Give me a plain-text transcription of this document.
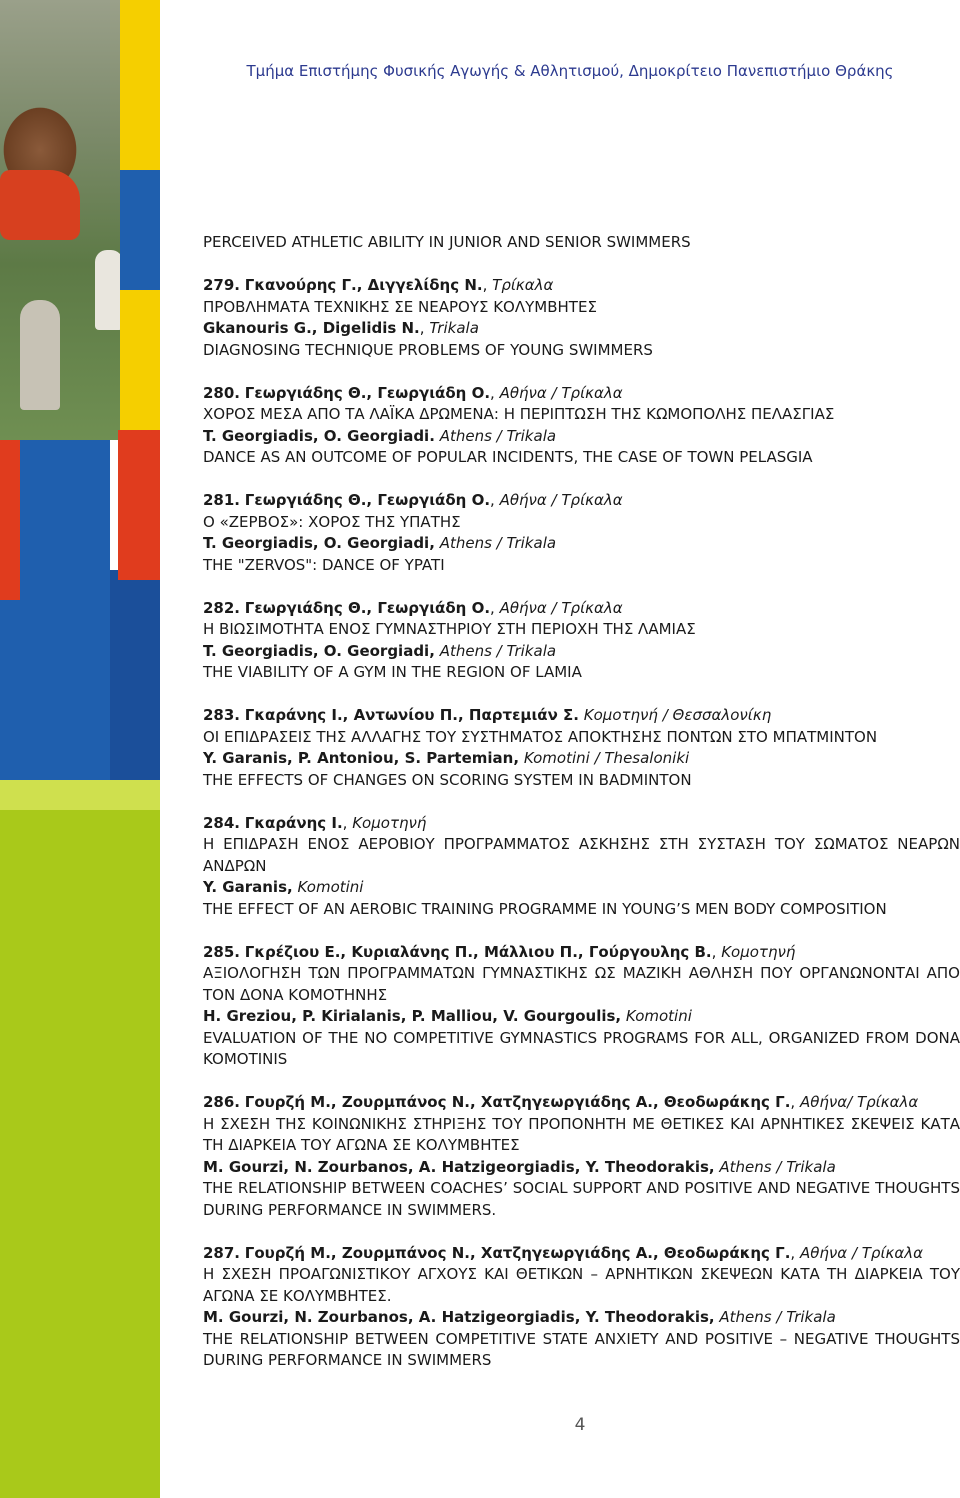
Τμήμα Επιστήμης Φυσικής Αγωγής & Αθλητισμού, Δημοκρίτειο Πανεπιστήμιο Θράκης
PERCEIVED ATHLETIC ABILITY IN JUNIOR AND SENIOR SWIMMERS
279. Γκανούρης Γ., Διγγελίδης Ν., Τρίκαλα
ΠΡΟΒΛΗΜΑΤΑ ΤΕΧΝΙΚΗΣ ΣΕ ΝΕΑΡΟΥΣ ΚΟΛΥΜΒΗΤΕΣ
Gkanouris G., Digelidis N., Trikala
DIAGNOSING TECHNIQUE PROBLEMS OF YOUNG SWIMMERS
280. Γεωργιάδης Θ., Γεωργιάδη Ο., Αθήνα / Τρίκαλα
ΧΟΡΟΣ ΜΕΣΑ ΑΠΟ ΤΑ ΛΑΪΚΑ ΔΡΩΜΕΝΑ: Η ΠΕΡΙΠΤΩΣΗ ΤΗΣ ΚΩΜΟΠΟΛΗΣ ΠΕΛΑΣΓΙΑΣ
T. Georgiadis, O. Georgiadi. Athens / Trikala
DANCE AS AN OUTCOME OF POPULAR INCIDENTS, THE CASE OF TOWN PELASGIA
281. Γεωργιάδης Θ., Γεωργιάδη Ο., Αθήνα / Τρίκαλα
Ο «ΖΕΡΒΟΣ»: ΧΟΡΟΣ ΤΗΣ ΥΠΑΤΗΣ
T. Georgiadis, O. Georgiadi, Athens / Trikala
THE "ZERVOS": DANCE OF YPATI
282. Γεωργιάδης Θ., Γεωργιάδη Ο., Αθήνα / Τρίκαλα
Η ΒΙΩΣΙΜΟΤΗΤΑ ΕΝΟΣ ΓΥΜΝΑΣΤΗΡΙΟΥ ΣΤΗ ΠΕΡΙΟΧΗ ΤΗΣ ΛΑΜΙΑΣ
T. Georgiadis, O. Georgiadi, Athens / Trikala
THE VIABILITY OF A GYM IN THE REGION OF LAMIA
283. Γκαράνης Ι., Αντωνίου Π., Παρτεμιάν Σ. Κομοτηνή / Θεσσαλονίκη
ΟΙ ΕΠΙΔΡΑΣΕΙΣ ΤΗΣ ΑΛΛΑΓΗΣ ΤΟΥ ΣΥΣΤΗΜΑΤΟΣ ΑΠΟΚΤΗΣΗΣ ΠΟΝΤΩΝ ΣΤΟ ΜΠΑΤΜΙΝΤΟΝ
Y. Garanis, P. Antoniou, S. Partemian, Komotini / Thesaloniki
THE EFFECTS OF CHANGES ON SCORING SYSTEM IN BADMINTON
284. Γκαράνης Ι., Κομοτηνή
Η ΕΠΙΔΡΑΣΗ ΕΝΟΣ ΑΕΡΟΒΙΟΥ ΠΡΟΓΡΑΜΜΑΤΟΣ ΑΣΚΗΣΗΣ ΣΤΗ ΣΥΣΤΑΣΗ ΤΟΥ ΣΩΜΑΤΟΣ ΝΕΑΡΩΝ ΑΝΔΡΩΝ
Y. Garanis, Komotini
THE EFFECT OF AN AEROBIC TRAINING PROGRAMME IN YOUNG’S MEN BODY COMPOSITION
285. Γκρέζιου Ε., Κυριαλάνης Π., Μάλλιου Π., Γούργουλης Β., Κομοτηνή
ΑΞΙΟΛΟΓΗΣΗ ΤΩΝ ΠΡΟΓΡΑΜΜΑΤΩΝ ΓΥΜΝΑΣΤΙΚΗΣ ΩΣ ΜΑΖΙΚΗ ΑΘΛΗΣΗ ΠΟΥ ΟΡΓΑΝΩΝΟΝΤΑΙ ΑΠΟ ΤΟΝ ΔΟΝΑ ΚΟΜΟΤΗΝΗΣ
H. Greziou, P. Kirialanis, P. Malliou, V. Gourgoulis, Komotini
EVALUATION OF THE NO COMPETITIVE GYMNASTICS PROGRAMS FOR ALL, ORGANIZED FROM DONA KOMOTINIS
286. Γουρζή Μ., Ζουρμπάνος Ν., Χατζηγεωργιάδης Α., Θεοδωράκης Γ., Αθήνα/ Τρίκαλα
Η ΣΧΕΣΗ ΤΗΣ ΚΟΙΝΩΝΙΚΗΣ ΣΤΗΡΙΞΗΣ ΤΟΥ ΠΡΟΠΟΝΗΤΗ ΜΕ ΘΕΤΙΚΕΣ ΚΑΙ ΑΡΝΗΤΙΚΕΣ ΣΚΕΨΕΙΣ ΚΑΤΑ ΤΗ ΔΙΑΡΚΕΙΑ ΤΟΥ ΑΓΩΝΑ ΣΕ ΚΟΛΥΜΒΗΤΕΣ
M. Gourzi, N. Zourbanos, A. Hatzigeorgiadis, Y. Theodorakis, Athens / Trikala
THE RELATIONSHIP BETWEEN COACHES’ SOCIAL SUPPORT AND POSITIVE AND NEGATIVE THOUGHTS DURING PERFORMANCE IN SWIMMERS.
287. Γουρζή Μ., Ζουρμπάνος Ν., Χατζηγεωργιάδης Α., Θεοδωράκης Γ., Αθήνα / Τρίκαλα
Η ΣΧΕΣΗ ΠΡΟΑΓΩΝΙΣΤΙΚΟΥ ΑΓΧΟΥΣ ΚΑΙ ΘΕΤΙΚΩΝ – ΑΡΝΗΤΙΚΩΝ ΣΚΕΨΕΩΝ ΚΑΤΑ ΤΗ ΔΙΑΡΚΕΙΑ ΤΟΥ ΑΓΩΝΑ ΣΕ ΚΟΛΥΜΒΗΤΕΣ.
M. Gourzi, N. Zourbanos, A. Hatzigeorgiadis, Y. Theodorakis, Athens / Trikala
THE RELATIONSHIP BETWEEN COMPETITIVE STATE ANXIETY AND POSITIVE – NEGATIVE THOUGHTS DURING PERFORMANCE IN SWIMMERS
4
